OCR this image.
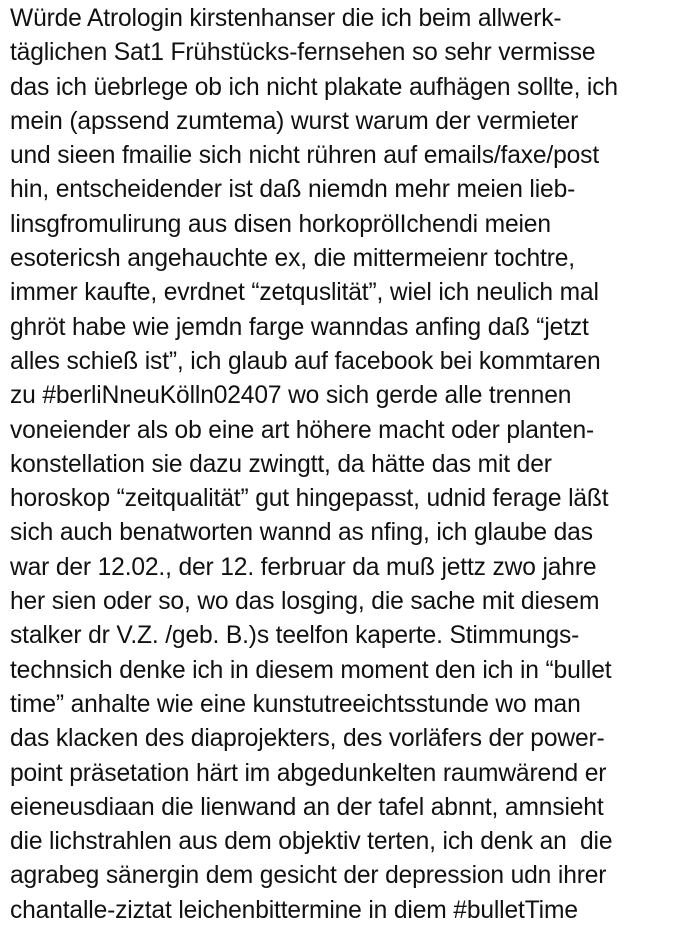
Würde Atrologin kirstenhanser die ich beim allwerk-
täglichen Sat1 Frühstücks-fernsehen so sehr vermisse
das ich üebrlege ob ich nicht plakate aufhägen sollte, ich
mein (apssend zumtema) wurst warum der vermieter
und sieen fmailie sich nicht rühren auf emails/faxe/post
hin, entscheidender ist daß niemdn mehr meien lieb-
linsgfromulirung aus disen horkoprölIchendi meien
esotericsh angehauchte ex, die mittermeienr tochtre,
immer kaufte, evrdnet “zetquslität”, wiel ich neulich mal
ghröt habe wie jemdn farge wanndas anfing daß “jetzt
alles schieß ist”, ich glaub auf facebook bei kommtaren
zu #berliNneuKölln02407 wo sich gerde alle trennen
voneiender als ob eine art höhere macht oder planten-
konstellation sie dazu zwingtt, da hätte das mit der
horoskop “zeitqualität” gut hingepasst, udnid ferage läßt
sich auch benatworten wannd as nfing, ich glaube das
war der 12.02., der 12. ferbruar da muß jettz zwo jahre
her sien oder so, wo das losging, die sache mit diesem
stalker dr V.Z. /geb. B.)s teelfon kaperte. Stimmungs-
technsich denke ich in diesem moment den ich in “bullet
time” anhalte wie eine kunstutreeichtsstunde wo man
das klacken des diaprojekters, des vorläfers der power-
point präsetation härt im abgedunkelten raumwärend er
eieneusdiaan die lienwand an der tafel abnnt, amnsieht
die lichstrahlen aus dem objektiv terten, ich denk an  die
agrabeg sänergin dem gesicht der depression udn ihrer
chantalle-ziztat leichenbittermine in diem #bulletTime
